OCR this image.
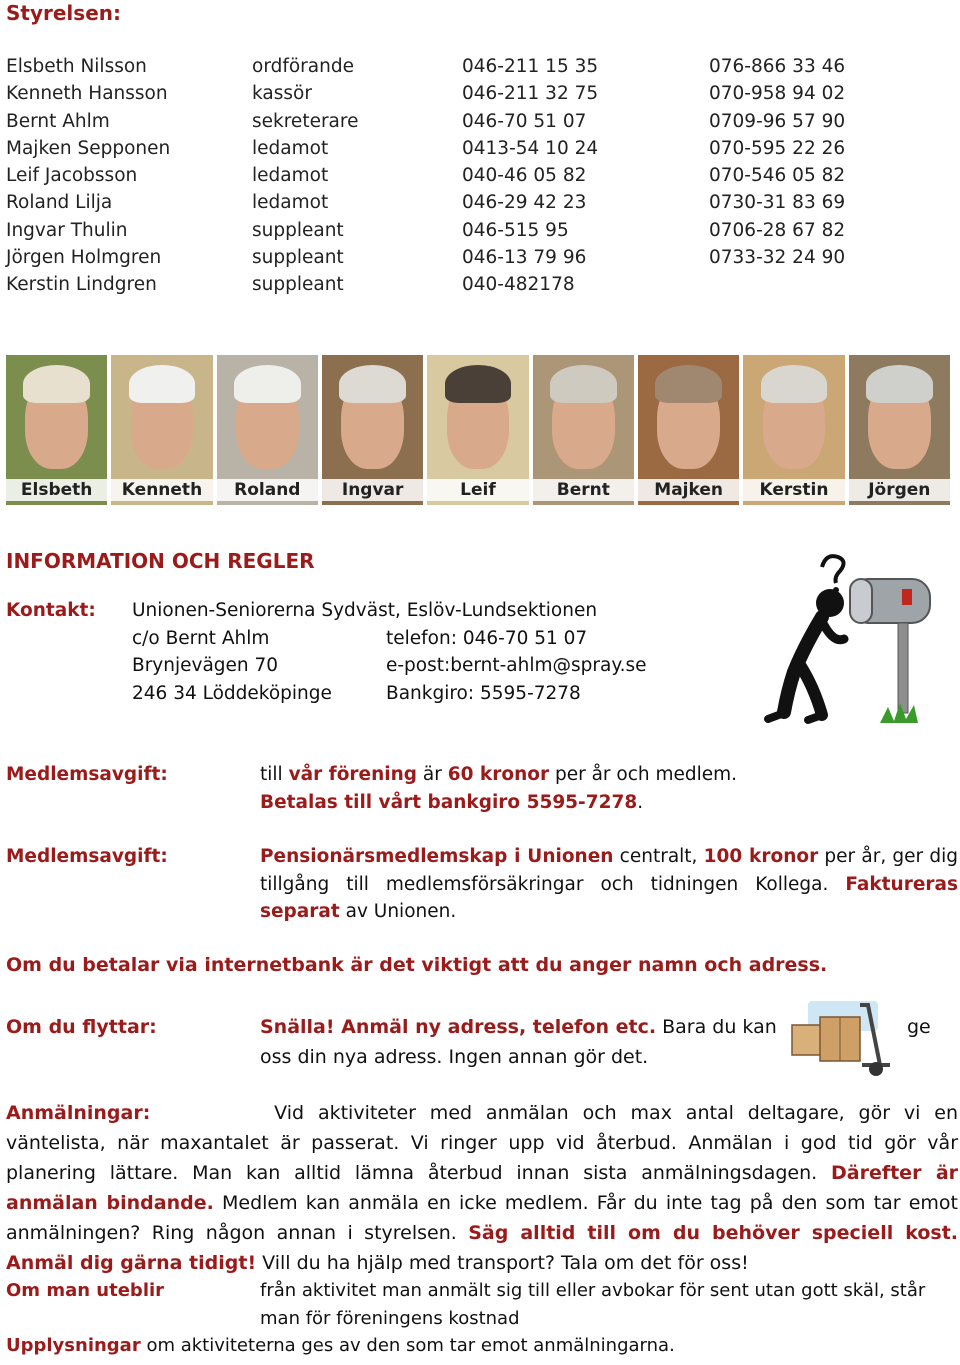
Styrelsen:
Elsbeth Nilsson	ordförande	046-211 15 35	076-866 33 46
Kenneth Hansson	kassör	046-211 32 75	070-958 94 02
Bernt Ahlm	sekreterare	046-70 51 07	0709-96 57 90
Majken Sepponen	ledamot	0413-54 10 24	070-595 22 26
Leif Jacobsson	ledamot	040-46 05 82	070-546 05 82
Roland Lilja	ledamot	046-29 42 23	0730-31 83 69
Ingvar Thulin	suppleant	046-515 95	0706-28 67 82
Jörgen Holmgren	suppleant	046-13 79 96	0733-32 24 90
Kerstin Lindgren	suppleant	040-482178
Elsbeth	Kenneth	Roland	Ingvar	Leif	Bernt	Majken	Kerstin	Jörgen
INFORMATION OCH REGLER
Kontakt:	Unionen-Seniorerna Sydväst, Eslöv-Lundsektionen
c/o Bernt Ahlm	telefon: 046-70 51 07
Brynjevägen 70	e-post:bernt-ahlm@spray.se
246 34 Löddeköpinge	Bankgiro: 5595-7278
Medlemsavgift:	till vår förening är 60 kronor per år och medlem.
Betalas till vårt bankgiro 5595-7278.
Medlemsavgift:	Pensionärsmedlemskap i Unionen centralt, 100 kronor per år, ger dig tillgång till medlemsförsäkringar och tidningen Kollega. Faktureras separat av Unionen.
Om du betalar via internetbank är det viktigt att du anger namn och adress.
Om du flyttar:	Snälla! Anmäl ny adress, telefon etc. Bara du kan	ge

oss din nya adress. Ingen annan gör det.
Anmälningar:	Vid aktiviteter med anmälan och max antal deltagare, gör vi en väntelista, när maxantalet är passerat. Vi ringer upp vid återbud. Anmälan i god tid gör vår planering lättare. Man kan alltid lämna återbud innan sista anmälningsdagen. Därefter är anmälan bindande. Medlem kan anmäla en icke medlem. Får du inte tag på den som tar emot anmälningen? Ring någon annan i styrelsen. Säg alltid till om du behöver speciell kost. Anmäl dig gärna tidigt! Vill du ha hjälp med transport? Tala om det för oss!
Om man uteblir	från aktivitet man anmält sig till eller avbokar för sent utan gott skäl, står
man för föreningens kostnad
Upplysningar om aktiviteterna ges av den som tar emot anmälningarna.
